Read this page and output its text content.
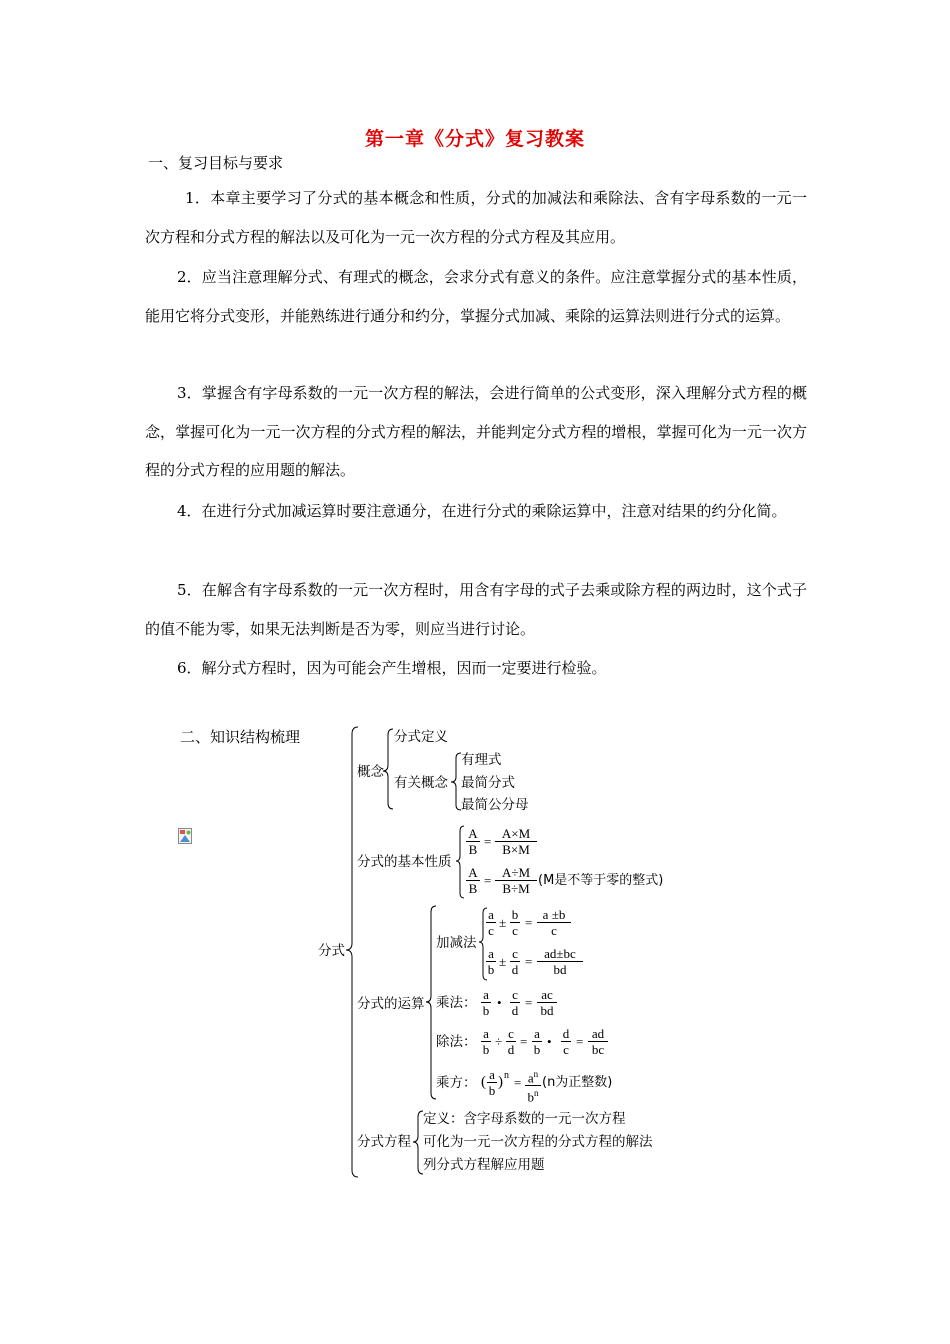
第一章《分式》复习教案
一、复习目标与要求

1．本章主要学习了分式的基本概念和性质，分式的加减法和乘除法、含有字母系数的一元一次方程和分式方程的解法以及可化为一元一次方程的分式方程及其应用。

2．应当注意理解分式、有理式的概念，会求分式有意义的条件。应注意掌握分式的基本性质，能用它将分式变形，并能熟练进行通分和约分，掌握分式加减、乘除的运算法则进行分式的运算。

3．掌握含有字母系数的一元一次方程的解法，会进行简单的公式变形，深入理解分式方程的概念，掌握可化为一元一次方程的分式方程的解法，并能判定分式方程的增根，掌握可化为一元一次方程的分式方程的应用题的解法。

4．在进行分式加减运算时要注意通分，在进行分式的乘除运算中，注意对结果的约分化简。

5．在解含有字母系数的一元一次方程时，用含有字母的式子去乘或除方程的两边时，这个式子的值不能为零，如果无法判断是否为零，则应当进行讨论。

6．解分式方程时，因为可能会产生增根，因而一定要进行检验。

二、知识结构梳理
分式
概念
分式定义
有关概念
有理式
最简分式
最简公分母
分式的基本性质
$\frac{A}{B} = \frac{A\times M}{B\times M}$
$\frac{A}{B} = \frac{A\div M}{B\div M} (M$是不等于零的整式)
分式的运算
加减法
$\frac{a}{c} \pm \frac{b}{c} = \frac{a \pm b}{c}$
$\frac{a}{b} \pm \frac{c}{d} = \frac{ad\pm bc}{bd}$
乘法： $\frac{a}{b}$ • $\frac{c}{d} = \frac{ac}{bd}$
除法： $\frac{a}{b} \div \frac{c}{d} = \frac{a}{b}$ • $\frac{d}{c} = \frac{ad}{bc}$
乘方： ( $\frac{a}{b}$ ) $n = \frac{a^n}{b^n} (n$为正整数)
分式方程
定义：含字母系数的一元一次方程
可化为一元一次方程的分式方程的解法
列分式方程解应用题
